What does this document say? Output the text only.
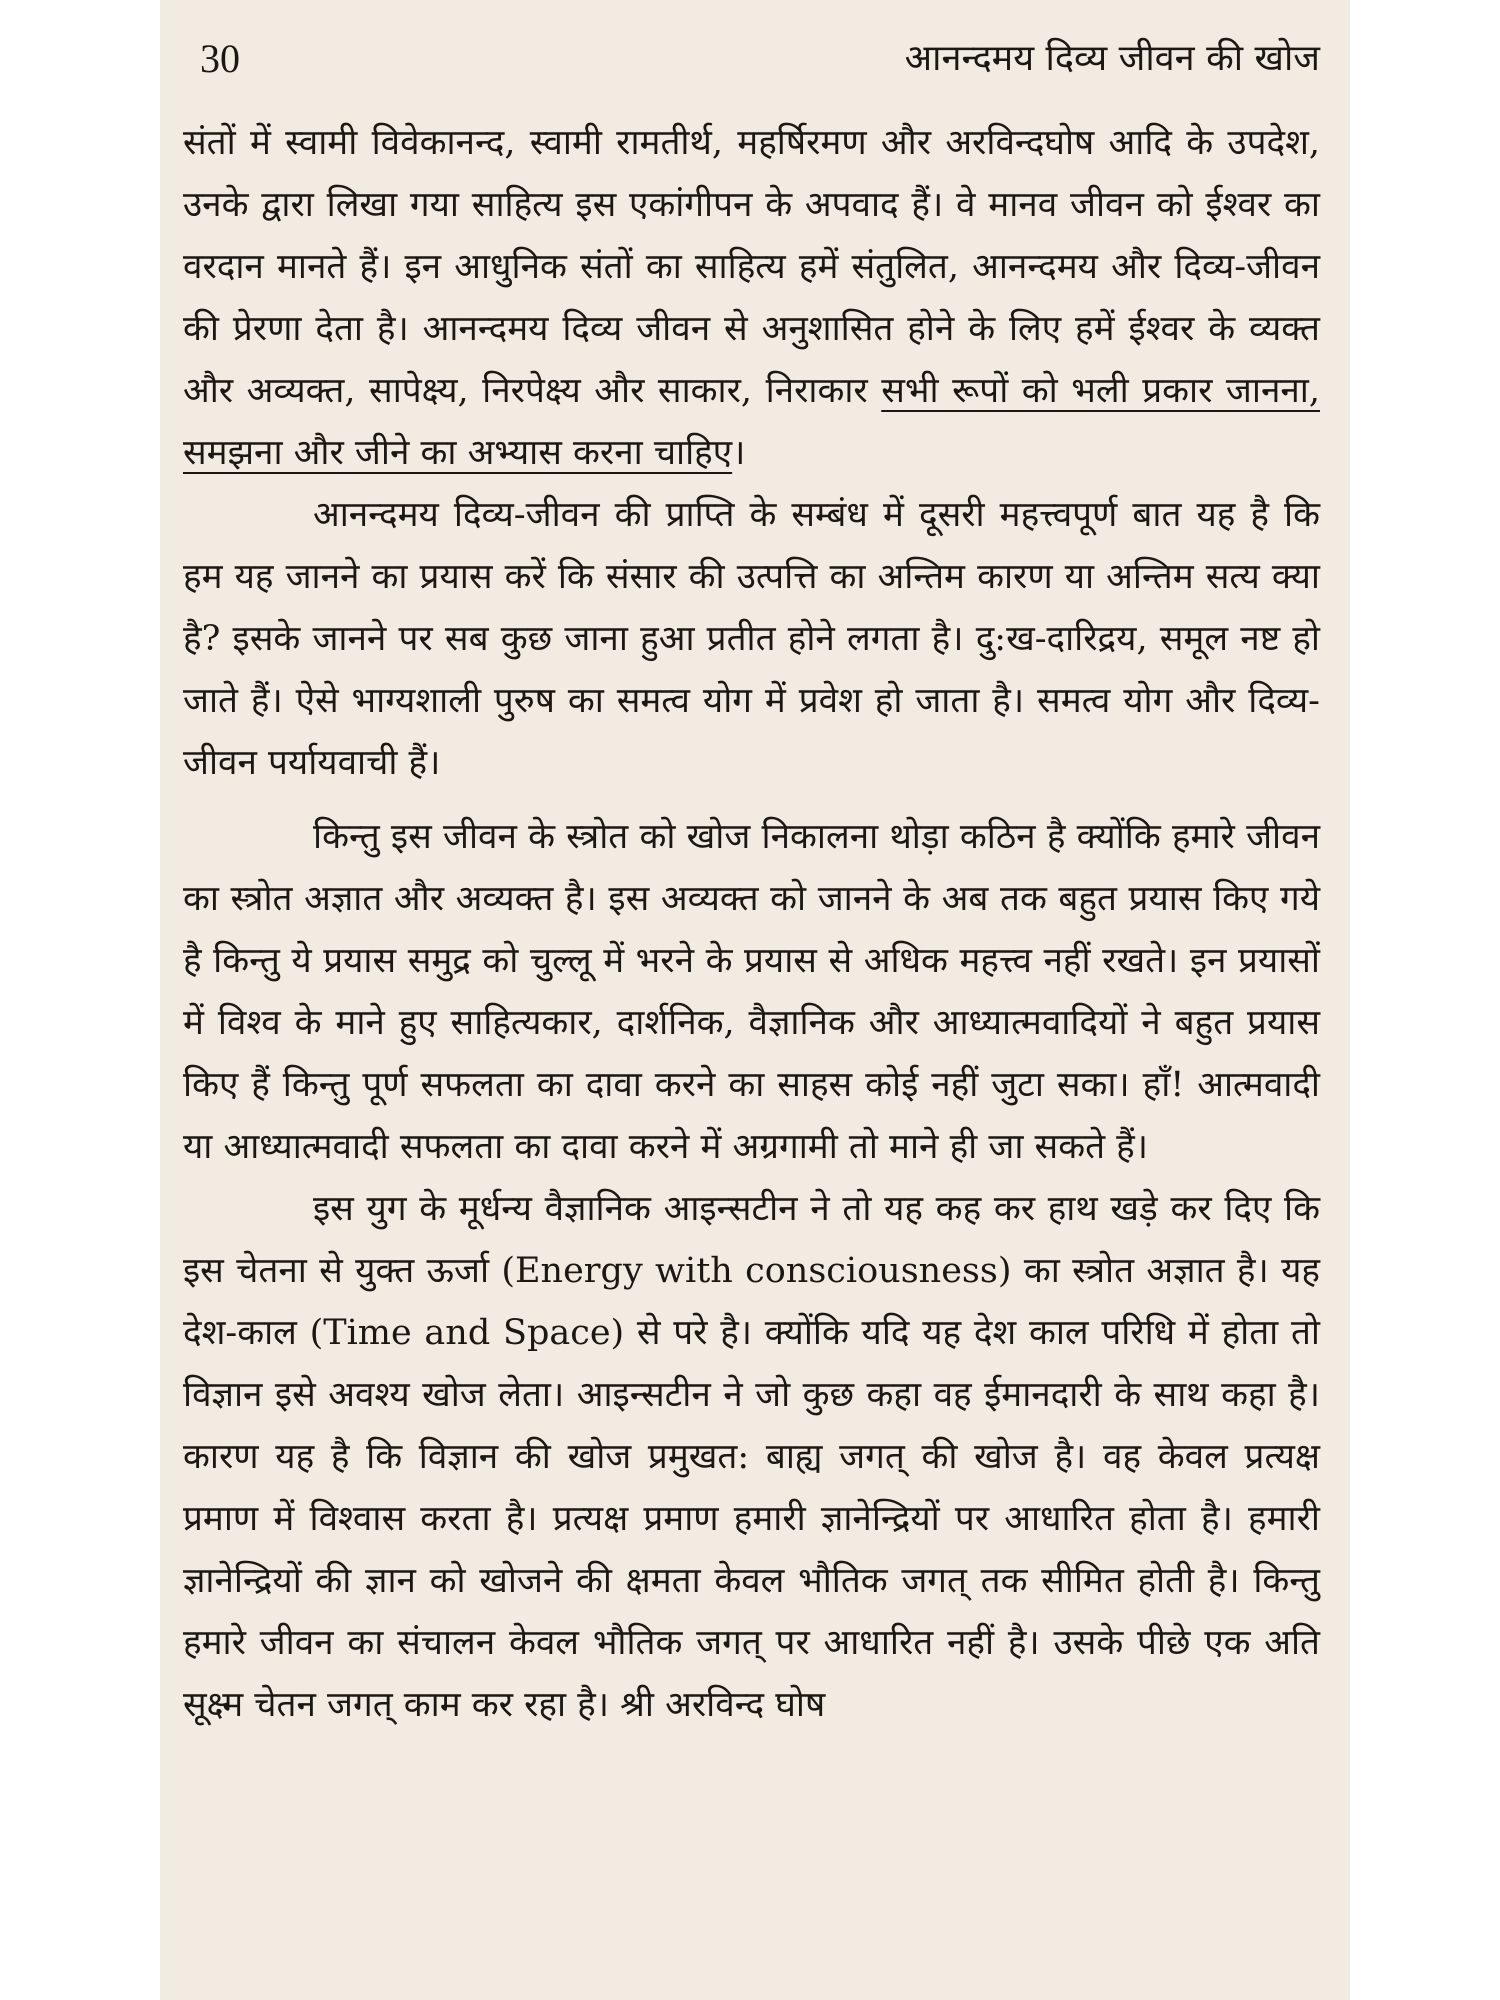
30	आनन्दमय दिव्य जीवन की खोज

संतों में स्वामी विवेकानन्द, स्वामी रामतीर्थ, महर्षिरमण और अरविन्दघोष आदि के उपदेश, उनके द्वारा लिखा गया साहित्य इस एकांगीपन के अपवाद हैं। वे मानव जीवन को ईश्वर का वरदान मानते हैं। इन आधुनिक संतों का साहित्य हमें संतुलित, आनन्दमय और दिव्य-जीवन की प्रेरणा देता है। आनन्दमय दिव्य जीवन से अनुशासित होने के लिए हमें ईश्वर के व्यक्त और अव्यक्त, सापेक्ष्य, निरपेक्ष्य और साकार, निराकार सभी रूपों को भली प्रकार जानना, समझना और जीने का अभ्यास करना चाहिए।

आनन्दमय दिव्य-जीवन की प्राप्ति के सम्बंध में दूसरी महत्त्वपूर्ण बात यह है कि हम यह जानने का प्रयास करें कि संसार की उत्पत्ति का अन्तिम कारण या अन्तिम सत्य क्या है? इसके जानने पर सब कुछ जाना हुआ प्रतीत होने लगता है। दु:ख-दारिद्रय, समूल नष्ट हो जाते हैं। ऐसे भाग्यशाली पुरुष का समत्व योग में प्रवेश हो जाता है। समत्व योग और दिव्य-जीवन पर्यायवाची हैं।

किन्तु इस जीवन के स्त्रोत को खोज निकालना थोड़ा कठिन है क्योंकि हमारे जीवन का स्त्रोत अज्ञात और अव्यक्त है। इस अव्यक्त को जानने के अब तक बहुत प्रयास किए गये है किन्तु ये प्रयास समुद्र को चुल्लू में भरने के प्रयास से अधिक महत्त्व नहीं रखते। इन प्रयासों में विश्व के माने हुए साहित्यकार, दार्शनिक, वैज्ञानिक और आध्यात्मवादियों ने बहुत प्रयास किए हैं किन्तु पूर्ण सफलता का दावा करने का साहस कोई नहीं जुटा सका। हाँ! आत्मवादी या आध्यात्मवादी सफलता का दावा करने में अग्रगामी तो माने ही जा सकते हैं।

इस युग के मूर्धन्य वैज्ञानिक आइन्सटीन ने तो यह कह कर हाथ खड़े कर दिए कि इस चेतना से युक्त ऊर्जा (Energy with consciousness) का स्त्रोत अज्ञात है। यह देश-काल (Time and Space) से परे है। क्योंकि यदि यह देश काल परिधि में होता तो विज्ञान इसे अवश्य खोज लेता। आइन्सटीन ने जो कुछ कहा वह ईमानदारी के साथ कहा है। कारण यह है कि विज्ञान की खोज प्रमुखत: बाह्य जगत् की खोज है। वह केवल प्रत्यक्ष प्रमाण में विश्वास करता है। प्रत्यक्ष प्रमाण हमारी ज्ञानेन्द्रियों पर आधारित होता है। हमारी ज्ञानेन्द्रियों की ज्ञान को खोजने की क्षमता केवल भौतिक जगत् तक सीमित होती है। किन्तु हमारे जीवन का संचालन केवल भौतिक जगत् पर आधारित नहीं है। उसके पीछे एक अति सूक्ष्म चेतन जगत् काम कर रहा है। श्री अरविन्द घोष
